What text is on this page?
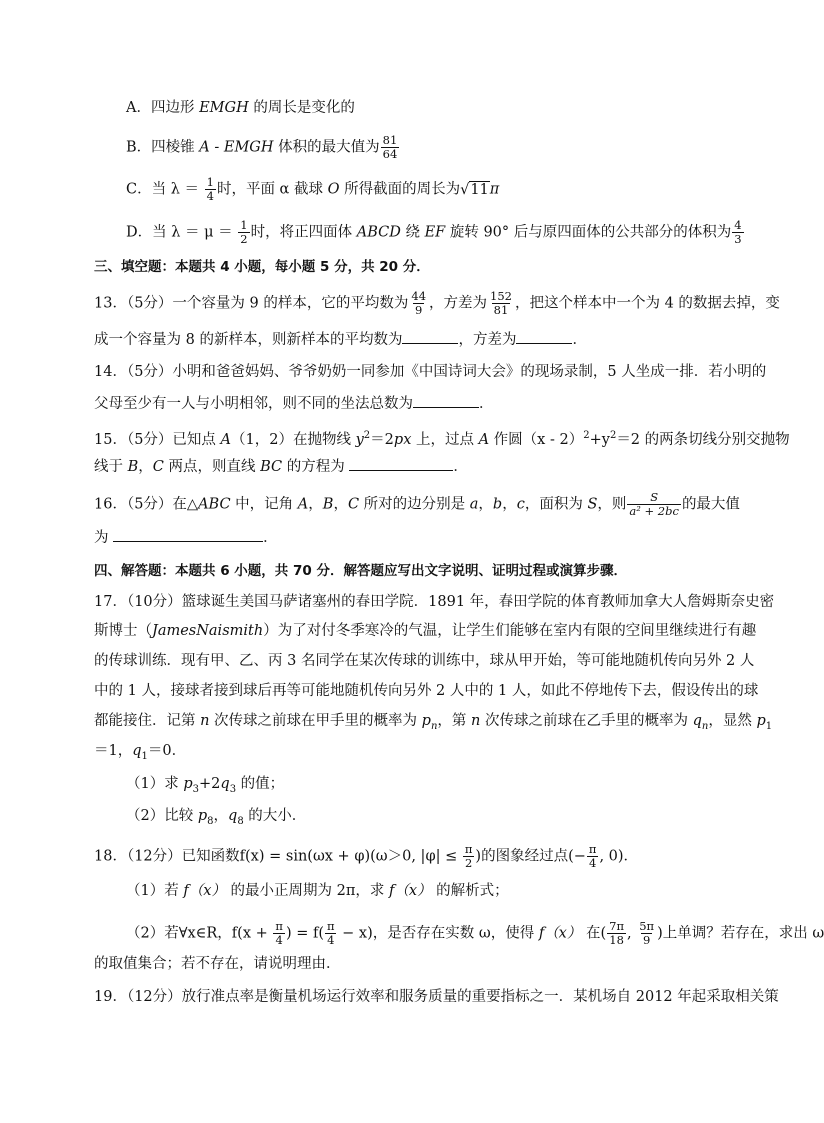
A．四边形 EMGH 的周长是变化的
B．四棱锥 A - EMGH 体积的最大值为 $\frac{81}{64}$
C．当 $\lambda = \frac{1}{4}$ 时，平面 α 截球 O 所得截面的周长为√11π
D．当 $\lambda = \mu = \frac{1}{2}$ 时，将正四面体 ABCD 绕 EF 旋转 90° 后与原四面体的公共部分的体积为 $\frac{4}{3}$
三、填空题：本题共 4 小题，每小题 5 分，共 20 分．
13．（5分）一个容量为 9 的样本，它的平均数为 $\frac{44}{9}$ ，方差为 $\frac{152}{81}$ ，把这个样本中一个为 4 的数据去掉，变
成一个容量为 8 的新样本，则新样本的平均数为	，方差为	．
14．（5分）小明和爸爸妈妈、爷爷奶奶一同参加《中国诗词大会》的现场录制，5 人坐成一排．若小明的
父母至少有一人与小明相邻，则不同的坐法总数为	．
15．（5分）已知点 A（1，2）在抛物线 $y^2=2px$ 上，过点 A 作圆$(x - 2)^2+y^2=2$ 的两条切线分别交抛物
线于 B，C 两点，则直线 BC 的方程为	．
16．（5分）在△ABC 中，记角 A，B，C 所对的边分别是 a，b，c，面积为 S，则 $\frac{S}{\text{a² + 2bc}}$ 的最大值
为	．
四、解答题：本题共 6 小题，共 70 分．解答题应写出文字说明、证明过程或演算步骤．
17．（10分）篮球诞生美国马萨诸塞州的春田学院．1891 年，春田学院的体育教师加拿大人詹姆斯奈史密
斯博士（JamesNaismith）为了对付冬季寒冷的气温，让学生们能够在室内有限的空间里继续进行有趣
的传球训练．现有甲、乙、丙 3 名同学在某次传球的训练中，球从甲开始，等可能地随机传向另外 2 人
中的 1 人，接球者接到球后再等可能地随机传向另外 2 人中的 1 人，如此不停地传下去，假设传出的球
都能接住．记第 n 次传球之前球在甲手里的概率为 $p_n$，第 n 次传球之前球在乙手里的概率为 $q_n$，显然 $p_1$
＝1，$q_1=0$．
（1）求 $p_3+2q_3$ 的值；
（2）比较 $p_8$，$q_8$ 的大小．
18．（12分）已知函数f(x) = sin(ωx + φ)(ω＞0, $|\varphi| \le \frac{\pi}{2}$ )的图象经过点(− $\frac{\pi}{4}$ , 0)．
（1）若 f（x） 的最小正周期为 2π，求 f（x） 的解析式；
（2）若∀x∈R，$f(x + \frac{\pi}{4}$ ) = $f( \frac{\pi}{4} - x)$，是否存在实数 ω，使得 f（x） 在( $\frac{7\pi}{18}$ , $\frac{5\pi}{9}$ )上单调？若存在，求出 ω
的取值集合；若不存在，请说明理由．
19．（12分）放行准点率是衡量机场运行效率和服务质量的重要指标之一．某机场自 2012 年起采取相关策
